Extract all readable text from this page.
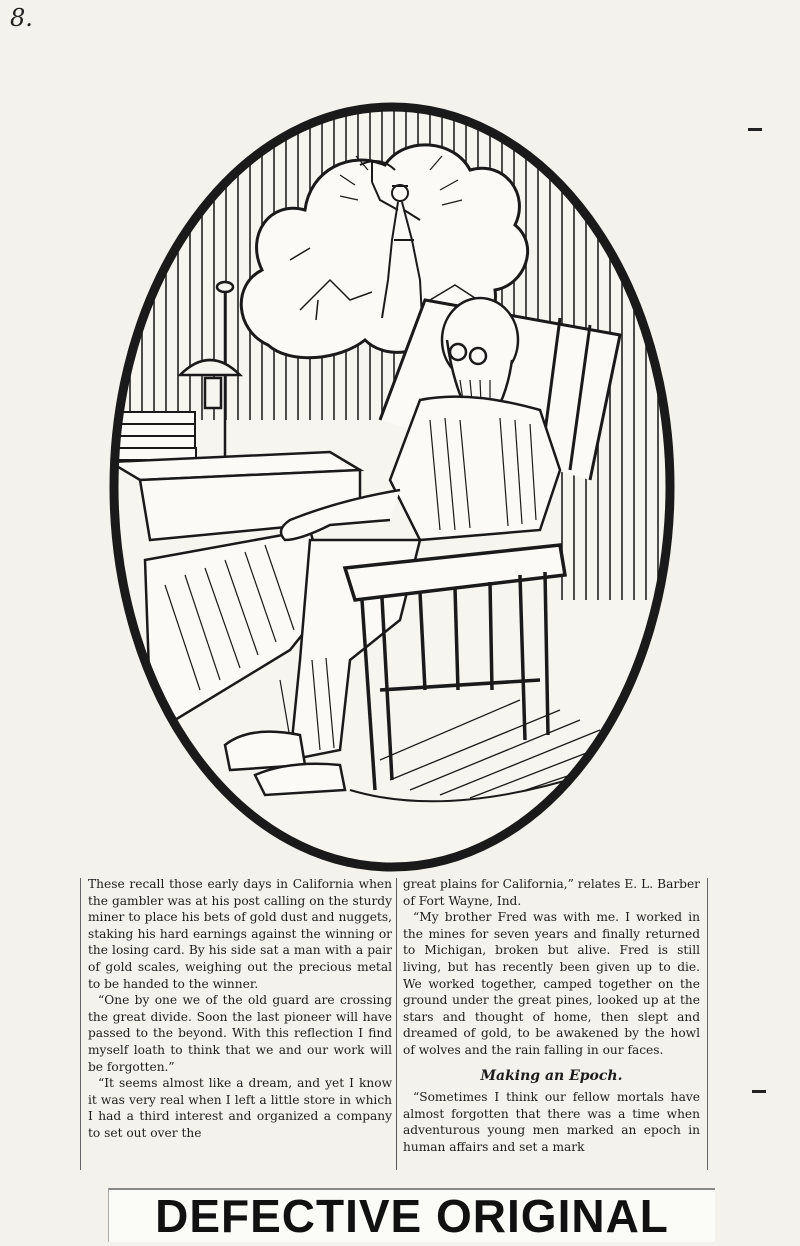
8.

These recall those early days in California when the gambler was at his post calling on the sturdy miner to place his bets of gold dust and nuggets, staking his hard earnings against the winning or the losing card. By his side sat a man with a pair of gold scales, weighing out the precious metal to be handed to the winner.

“One by one we of the old guard are crossing the great divide. Soon the last pioneer will have passed to the beyond. With this reflection I find myself loath to think that we and our work will be forgotten.”

“It seems almost like a dream, and yet I know it was very real when I left a little store in which I had a third interest and organized a company to set out over the

great plains for California,” relates E. L. Barber of Fort Wayne, Ind.

“My brother Fred was with me. I worked in the mines for seven years and finally returned to Michigan, broken but alive. Fred is still living, but has recently been given up to die. We worked together, camped together on the ground under the great pines, looked up at the stars and thought of home, then slept and dreamed of gold, to be awakened by the howl of wolves and the rain falling in our faces.

Making an Epoch.

“Sometimes I think our fellow mortals have almost forgotten that there was a time when adventurous young men marked an epoch in human affairs and set a mark

DEFECTIVE ORIGINAL
